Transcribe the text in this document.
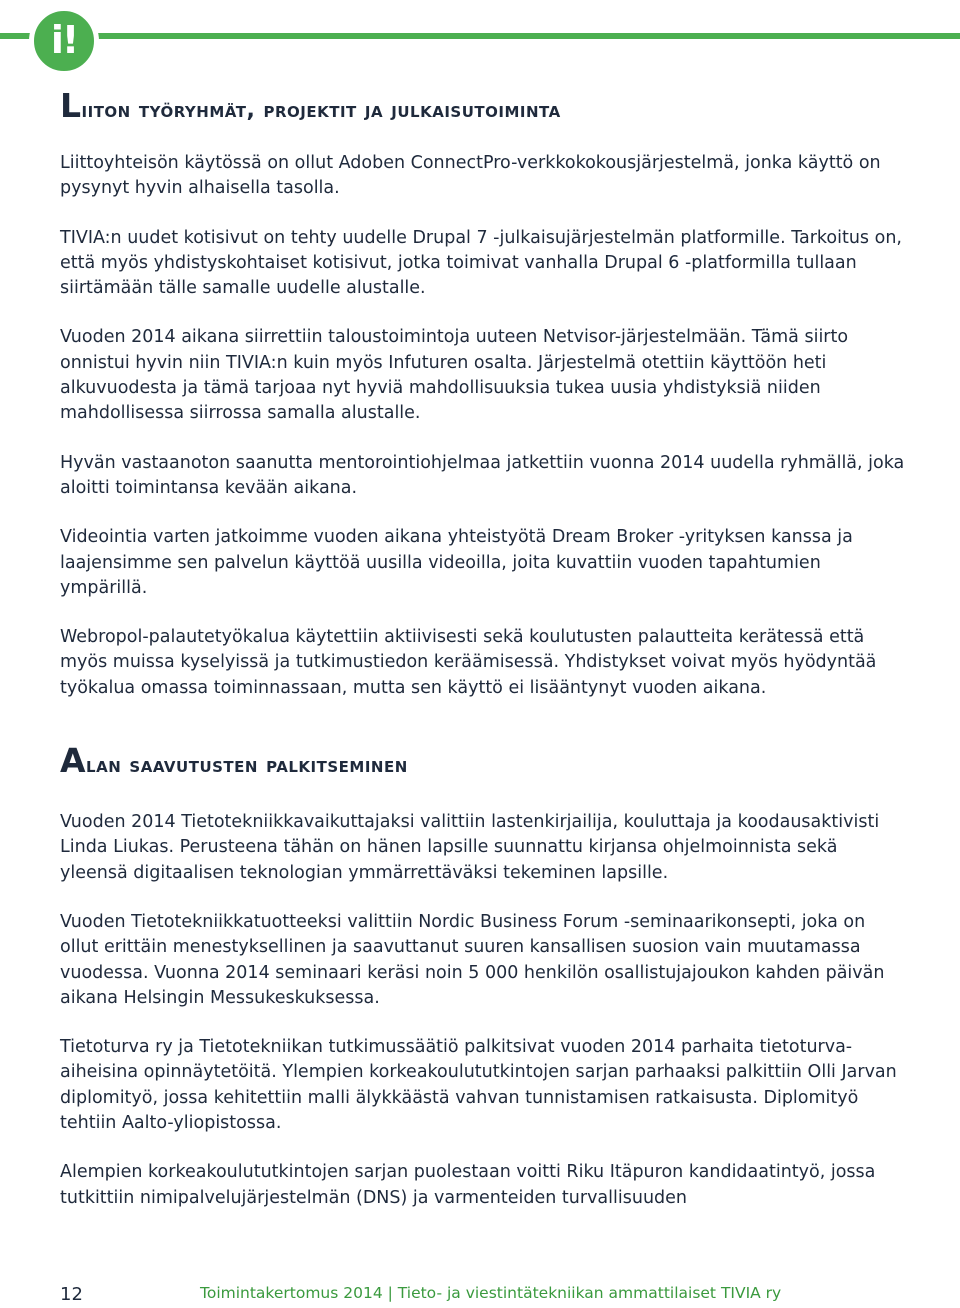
i!
Liiton työryhmät, projektit ja julkaisutoiminta

Liittoyhteisön käytössä on ollut Adoben ConnectPro-verkkokokousjärjestelmä, jonka käyttö on pysynyt hyvin alhaisella tasolla.

TIVIA:n uudet kotisivut on tehty uudelle Drupal 7 -julkaisujärjestelmän platformille. Tarkoitus on, että myös yhdistyskohtaiset kotisivut, jotka toimivat vanhalla Drupal 6 -platformilla tullaan siirtämään tälle samalle uudelle alustalle.

Vuoden 2014 aikana siirrettiin taloustoimintoja uuteen Netvisor-järjestelmään. Tämä siirto onnistui hyvin niin TIVIA:n kuin myös Infuturen osalta. Järjestelmä otettiin käyttöön heti alkuvuodesta ja tämä tarjoaa nyt hyviä mahdollisuuksia tukea uusia yhdistyksiä niiden mahdollisessa siirrossa samalla alustalle.

Hyvän vastaanoton saanutta mentorointiohjelmaa jatkettiin vuonna 2014 uudella ryhmällä, joka aloitti toimintansa kevään aikana.

Videointia varten jatkoimme vuoden aikana yhteistyötä Dream Broker -yrityksen kanssa ja laajensimme sen palvelun käyttöä uusilla videoilla, joita kuvattiin vuoden tapahtumien ympärillä.

Webropol-palautetyökalua käytettiin aktiivisesti sekä koulutusten palautteita kerätessä että myös muissa kyselyissä ja tutkimustiedon keräämisessä. Yhdistykset voivat myös hyödyntää työkalua omassa toiminnassaan, mutta sen käyttö ei lisääntynyt vuoden aikana.

Alan saavutusten palkitseminen

Vuoden 2014 Tietotekniikkavaikuttajaksi valittiin lastenkirjailija, kouluttaja ja koodausaktivisti Linda Liukas. Perusteena tähän on hänen lapsille suunnattu kirjansa ohjelmoinnista sekä yleensä digitaalisen teknologian ymmärrettäväksi tekeminen lapsille.

Vuoden Tietotekniikkatuotteeksi valittiin Nordic Business Forum -seminaarikonsepti, joka on ollut erittäin menestyksellinen ja saavuttanut suuren kansallisen suosion vain muutamassa vuodessa. Vuonna 2014 seminaari keräsi noin 5 000 henkilön osallistujajoukon kahden päivän aikana Helsingin Messukeskuksessa.

Tietoturva ry ja Tietotekniikan tutkimussäätiö palkitsivat vuoden 2014 parhaita tietoturva-aiheisina opinnäytetöitä. Ylempien korkeakoulututkintojen sarjan parhaaksi palkittiin Olli Jarvan diplomityö, jossa kehitettiin malli älykkäästä vahvan tunnistamisen ratkaisusta. Diplomityö tehtiin Aalto-yliopistossa.

Alempien korkeakoulututkintojen sarjan puolestaan voitti Riku Itäpuron kandidaatintyö, jossa tutkittiin nimipalvelujärjestelmän (DNS) ja varmenteiden turvallisuuden

12	Toimintakertomus 2014 | Tieto- ja viestintätekniikan ammattilaiset TIVIA ry
